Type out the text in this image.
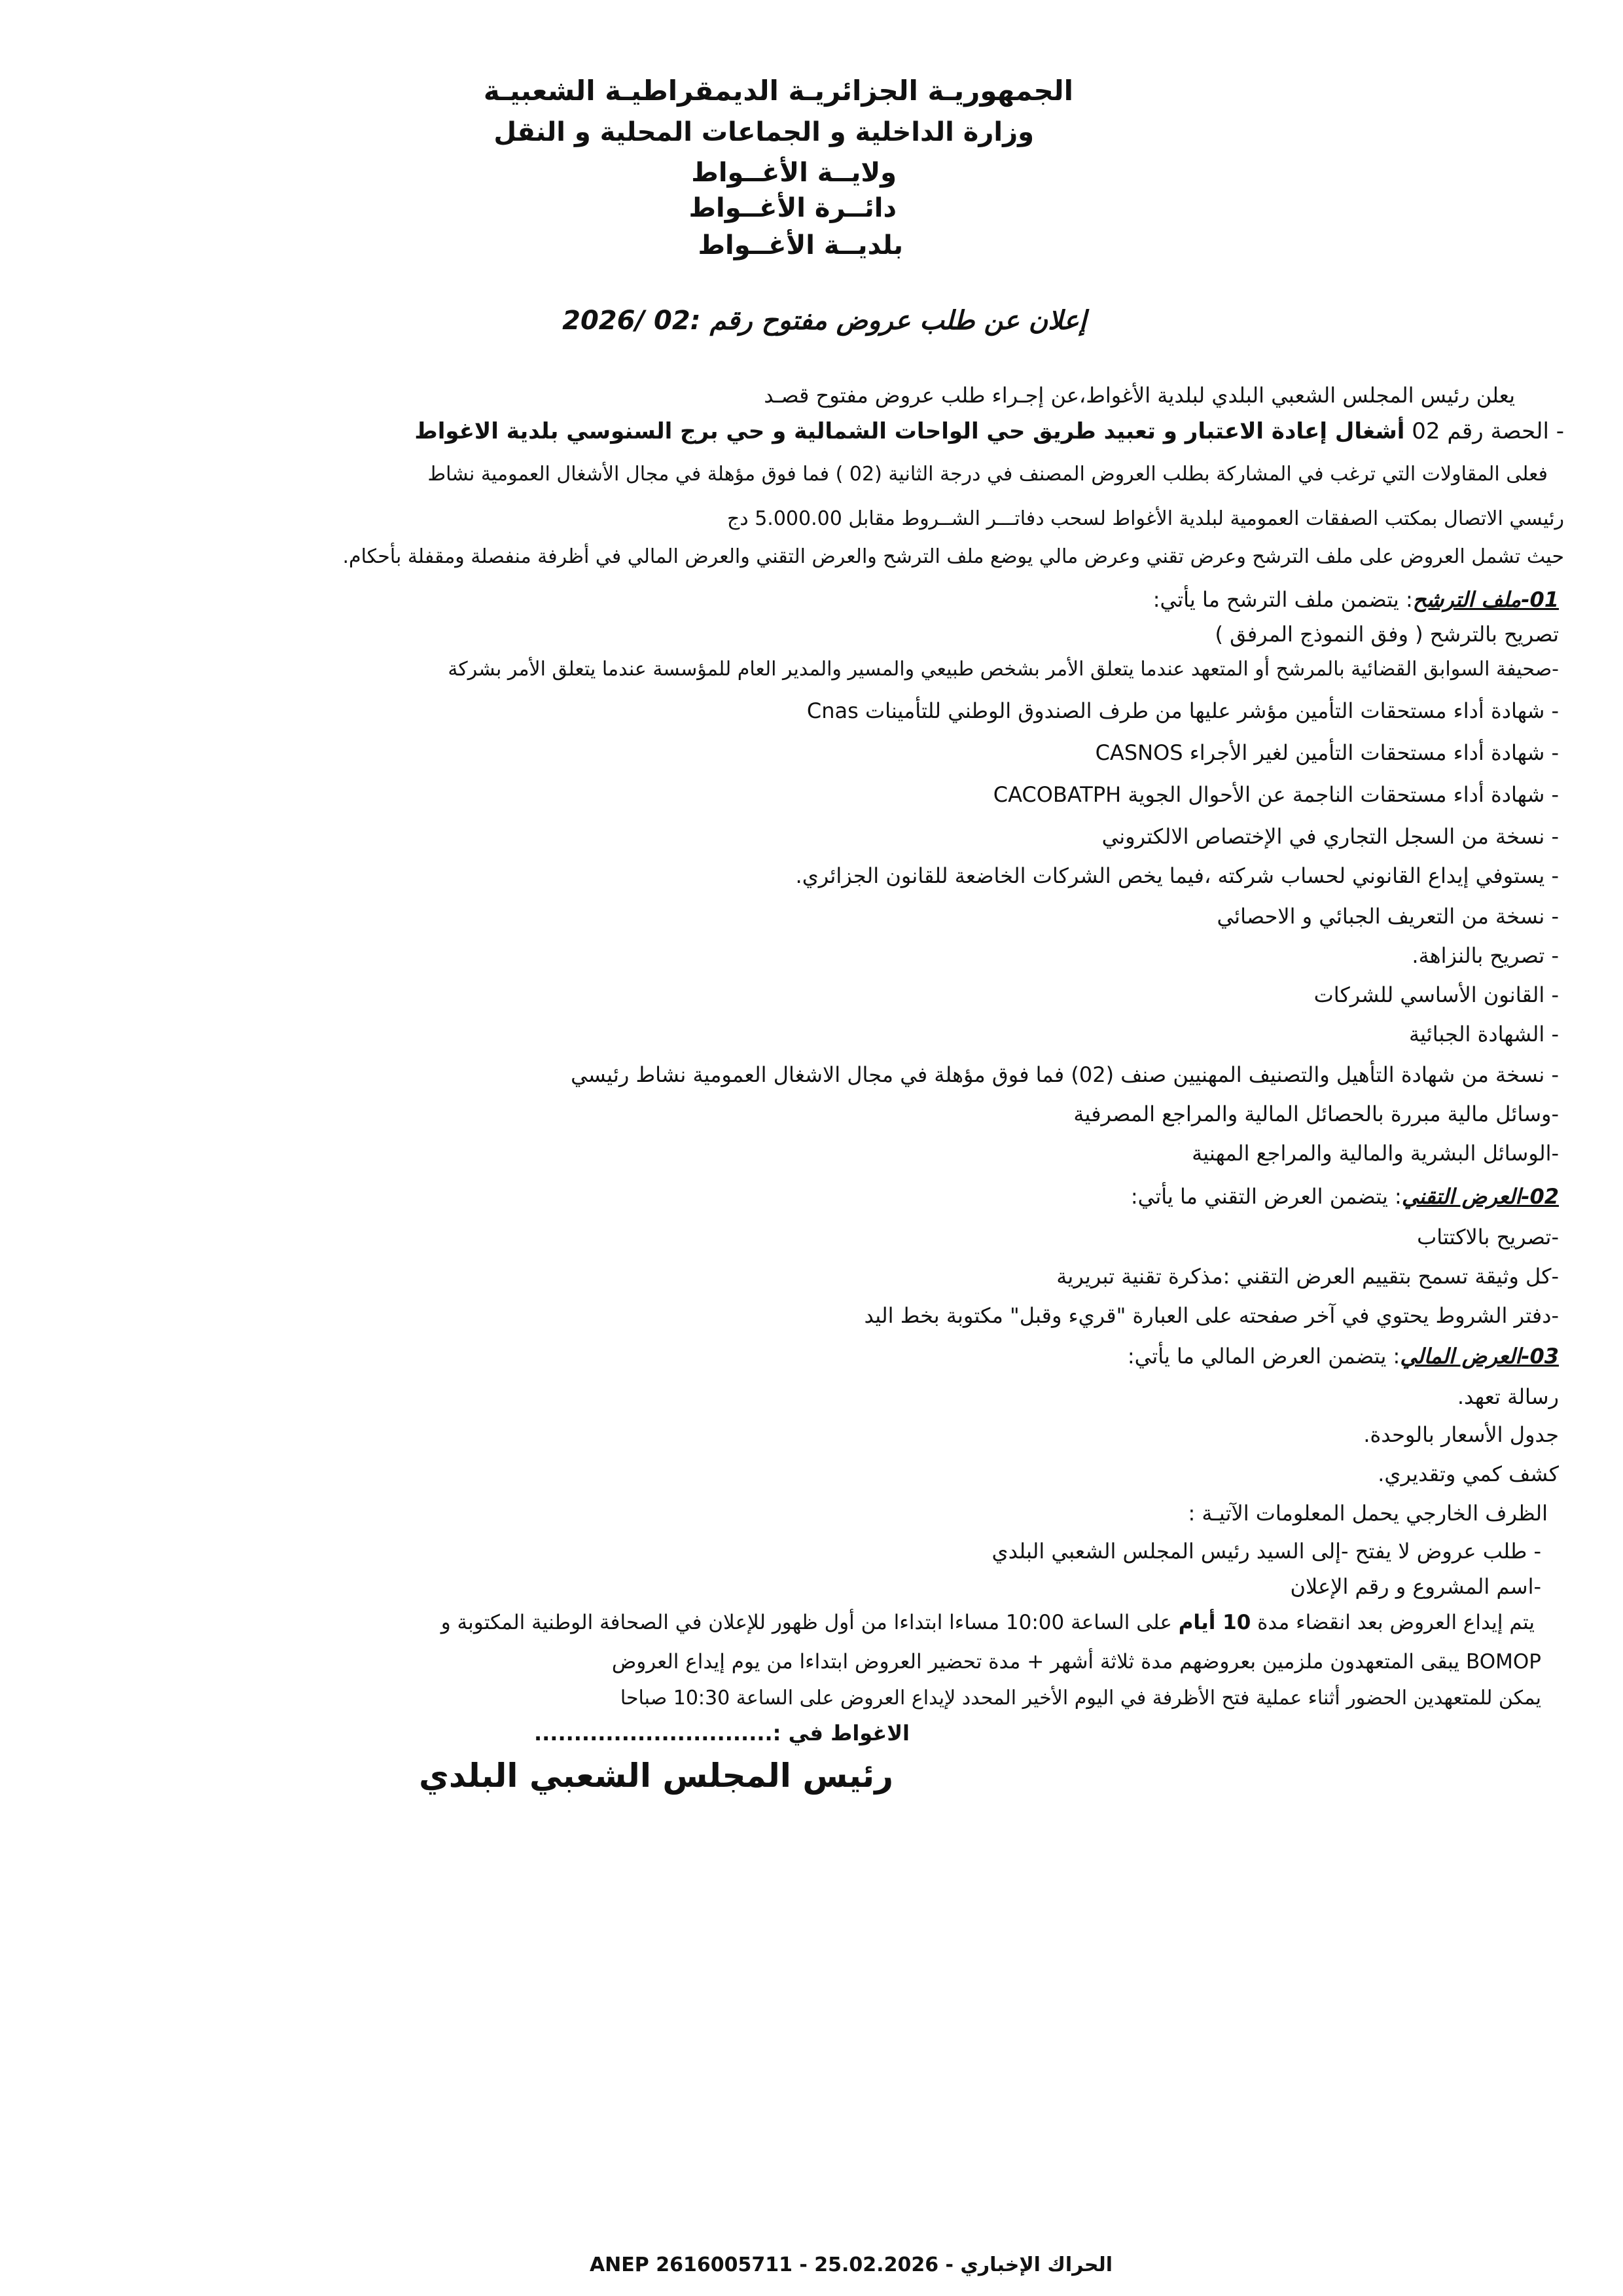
الجمهوريـة الجزائريـة الديمقراطيـة الشعبيـة
وزارة الداخلية و الجماعات المحلية و النقل
ولايــة الأغــواط
دائــرة الأغــواط
بلديــة الأغــواط
إعلان عن طلب عروض مفتوح رقم :02 /2026
يعلن رئيس المجلس الشعبي البلدي لبلدية الأغواط،عن إجـراء طلب عروض مفتوح قصـد
- الحصة رقم 02 أشغال إعادة الاعتبار و تعبيد طريق حي الواحات الشمالية و حي برج السنوسي بلدية الاغواط
فعلى المقاولات التي ترغب في المشاركة بطلب العروض المصنف في درجة الثانية (02 ) فما فوق مؤهلة في مجال الأشغال العمومية نشاط
رئيسي الاتصال بمكتب الصفقات العمومية لبلدية الأغواط لسحب دفاتـــر الشــروط مقابل 5.000.00 دج
حيث تشمل العروض على ملف الترشح وعرض تقني وعرض مالي يوضع ملف الترشح والعرض التقني والعرض المالي في أظرفة منفصلة ومقفلة بأحكام.
01-ملف الترشح: يتضمن ملف الترشح ما يأتي:
تصريح بالترشح ( وفق النموذج المرفق )
-صحيفة السوابق القضائية بالمرشح أو المتعهد عندما يتعلق الأمر بشخص طبيعي والمسير والمدير العام للمؤسسة عندما يتعلق الأمر بشركة
- شهادة أداء مستحقات التأمين مؤشر عليها من طرف الصندوق الوطني للتأمينات Cnas
- شهادة أداء مستحقات التأمين لغير الأجراء CASNOS
- شهادة أداء مستحقات الناجمة عن الأحوال الجوية CACOBATPH
- نسخة من السجل التجاري في الإختصاص الالكتروني
- يستوفي إيداع القانوني لحساب شركته ،فيما يخص الشركات الخاضعة للقانون الجزائري.
- نسخة من التعريف الجبائي و الاحصائي
- تصريح بالنزاهة.
- القانون الأساسي للشركات
- الشهادة الجبائية
- نسخة من شهادة التأهيل والتصنيف المهنيين صنف (02) فما فوق مؤهلة في مجال الاشغال العمومية نشاط رئيسي
-وسائل مالية مبررة بالحصائل المالية والمراجع المصرفية
-الوسائل البشرية والمالية والمراجع المهنية
02-العرض التقني: يتضمن العرض التقني ما يأتي:
-تصريح بالاكتتاب
-كل وثيقة تسمح بتقييم العرض التقني :مذكرة تقنية تبريرية
-دفتر الشروط يحتوي في آخر صفحته على العبارة "قريء وقبل" مكتوبة بخط اليد
03-العرض المالي: يتضمن العرض المالي ما يأتي:
رسالة تعهد.
جدول الأسعار بالوحدة.
كشف كمي وتقديري.
الظرف الخارجي يحمل المعلومات الآتيـة :
- طلب عروض لا يفتح -إلى السيد رئيس المجلس الشعبي البلدي
-اسم المشروع و رقم الإعلان
يتم إيداع العروض بعد انقضاء مدة 10 أيام على الساعة 10:00 مساءا ابتداءا من أول ظهور للإعلان في الصحافة الوطنية المكتوبة و
BOMOP يبقى المتعهدون ملزمين بعروضهم مدة ثلاثة أشهر + مدة تحضير العروض ابتداءا من يوم إيداع العروض
يمكن للمتعهدين الحضور أثناء عملية فتح الأظرفة في اليوم الأخير المحدد لإيداع العروض على الساعة 10:30 صباحا
الاغواط في :..............................
رئيس المجلس الشعبي البلدي
الحراك الإخباري - ANEP 2616005711 - 25.02.2026
